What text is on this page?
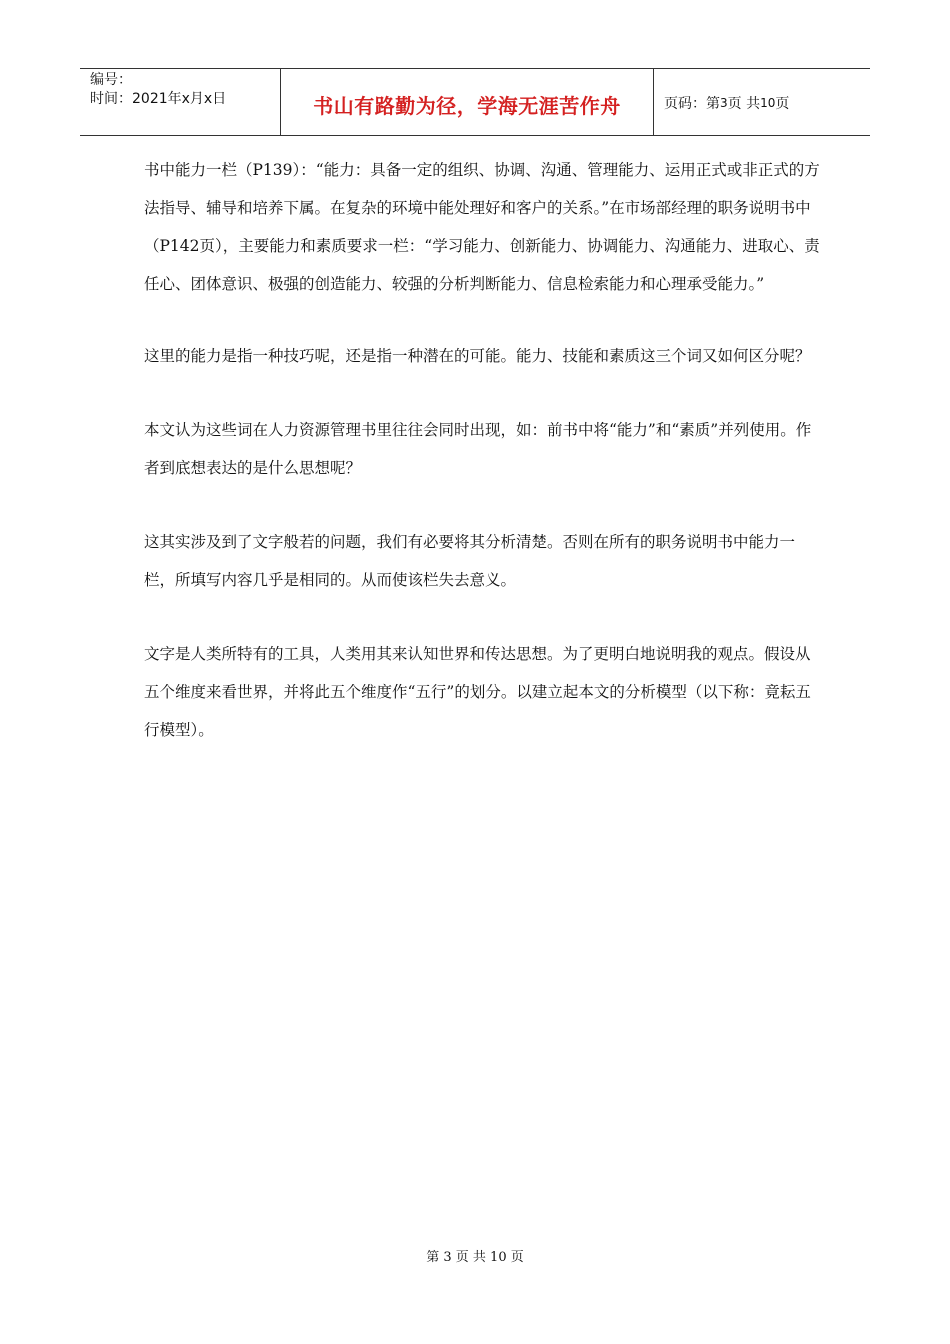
编号：
时间：2021年x月x日	书山有路勤为径，学海无涯苦作舟	页码： 第 3 页 共 10 页

书中能力一栏（P139）：“能力：具备一定的组织、协调、沟通、管理能力、运用正式或非正式的方法指导、辅导和培养下属。在复杂的环境中能处理好和客户的关系。”在市场部经理的职务说明书中（P142页），主要能力和素质要求一栏：“学习能力、创新能力、协调能力、沟通能力、进取心、责任心、团体意识、极强的创造能力、较强的分析判断能力、信息检索能力和心理承受能力。”

这里的能力是指一种技巧呢，还是指一种潜在的可能。能力、技能和素质这三个词又如何区分呢？

本文认为这些词在人力资源管理书里往往会同时出现，如：前书中将“能力”和“素质”并列使用。作者到底想表达的是什么思想呢？

这其实涉及到了文字般若的问题，我们有必要将其分析清楚。否则在所有的职务说明书中能力一栏，所填写内容几乎是相同的。从而使该栏失去意义。

文字是人类所特有的工具，人类用其来认知世界和传达思想。为了更明白地说明我的观点。假设从五个维度来看世界，并将此五个维度作“五行”的划分。以建立起本文的分析模型（以下称：竟耘五行模型）。

第 3 页 共 10 页
